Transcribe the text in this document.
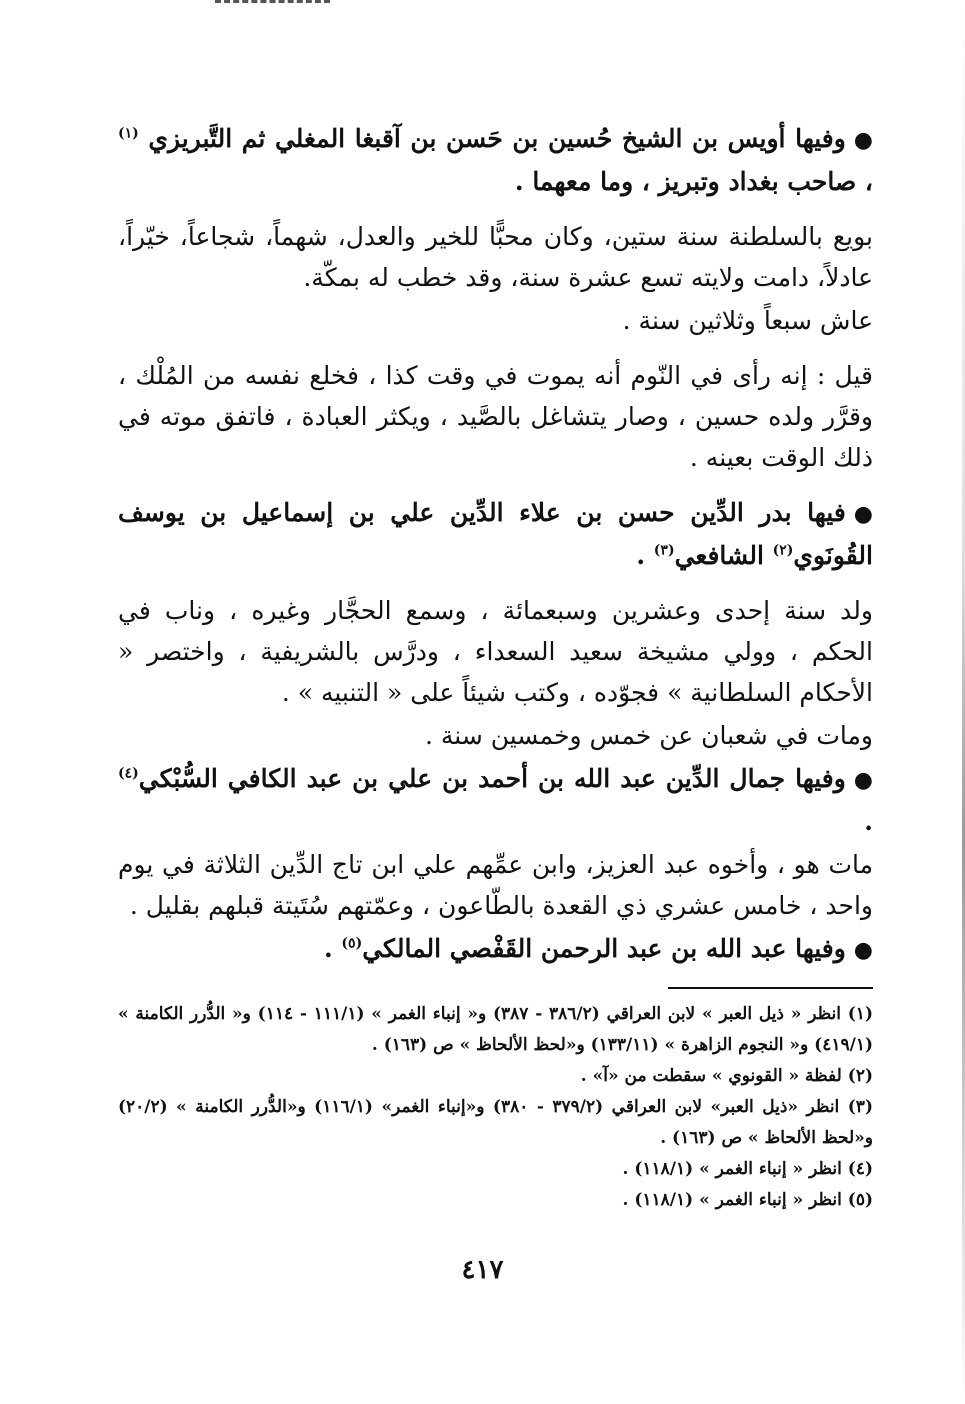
●وفيها أويس بن الشيخ حُسين بن حَسن بن آقبغا المغلي ثم التَّبريزي $^{(١)}$ ، صاحب بغداد وتبريز ، وما معهما .

بويع بالسلطنة سنة ستين، وكان محبًّا للخير والعدل، شهماً، شجاعاً، خيّراً، عادلاً، دامت ولايته تسع عشرة سنة، وقد خطب له بمكّة.

عاش سبعاً وثلاثين سنة .

قيل : إنه رأى في النّوم أنه يموت في وقت كذا ، فخلع نفسه من المُلْك ، وقرَّر ولده حسين ، وصار يتشاغل بالصَّيد ، ويكثر العبادة ، فاتفق موته في ذلك الوقت بعينه .

●فيها بدر الدِّين حسن بن علاء الدِّين علي بن إسماعيل بن يوسف القُونَوي$^{(٢)}$ الشافعي$^{(٣)}$ .

ولد سنة إحدى وعشرين وسبعمائة ، وسمع الحجَّار وغيره ، وناب في الحكم ، وولي مشيخة سعيد السعداء ، ودرَّس بالشريفية ، واختصر « الأحكام السلطانية » فجوّده ، وكتب شيئاً على « التنبيه » .

ومات في شعبان عن خمس وخمسين سنة .

●وفيها جمال الدِّين عبد الله بن أحمد بن علي بن عبد الكافي السُّبْكي$^{(٤)}$ .

مات هو ، وأخوه عبد العزيز، وابن عمِّهم علي ابن تاج الدِّين الثلاثة في يوم واحد ، خامس عشري ذي القعدة بالطّاعون ، وعمّتهم سُتَيتة قبلهم بقليل .

●وفيها عبد الله بن عبد الرحمن القَفْصي المالكي$^{(٥)}$ .

(١) انظر « ذيل العبر » لابن العراقي (٣٨٦/٢ - ٣٨٧) و« إنباء الغمر » (١١١/١ - ١١٤) و« الدُّرر الكامنة » (٤١٩/١) و« النجوم الزاهرة » (١٣٣/١١) و«لحظ الألحاظ » ص (١٦٣) .

(٢) لفظة « القونوي » سقطت من «آ» .

(٣) انظر «ذيل العبر» لابن العراقي (٣٧٩/٢ - ٣٨٠) و«إنباء الغمر» (١١٦/١) و«الدُّرر الكامنة » (٢٠/٢) و«لحظ الألحاظ » ص (١٦٣) .

(٤) انظر « إنباء الغمر » (١١٨/١) .

(٥) انظر « إنباء الغمر » (١١٨/١) .

٤١٧
